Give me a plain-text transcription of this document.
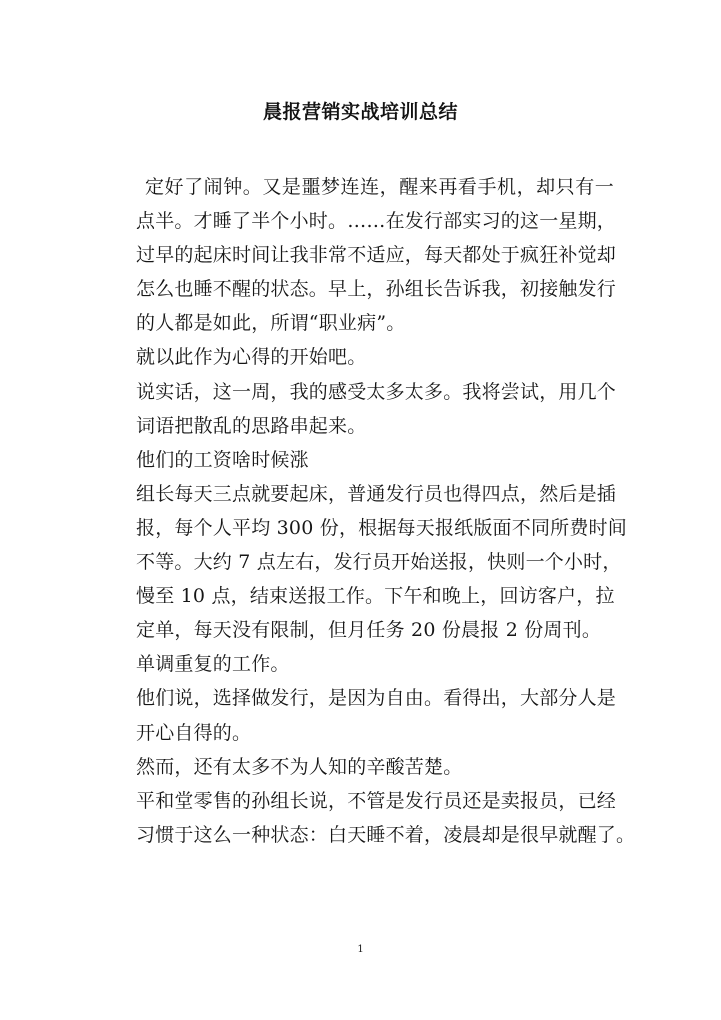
晨报营销实战培训总结
定好了闹钟。又是噩梦连连，醒来再看手机，却只有一
点半。才睡了半个小时。……在发行部实习的这一星期，
过早的起床时间让我非常不适应，每天都处于疯狂补觉却
怎么也睡不醒的状态。早上，孙组长告诉我，初接触发行
的人都是如此，所谓“职业病”。
就以此作为心得的开始吧。
说实话，这一周，我的感受太多太多。我将尝试，用几个
词语把散乱的思路串起来。
他们的工资啥时候涨
组长每天三点就要起床，普通发行员也得四点，然后是插
报，每个人平均 300 份，根据每天报纸版面不同所费时间
不等。大约 7 点左右，发行员开始送报，快则一个小时，
慢至 10 点，结束送报工作。下午和晚上，回访客户，拉
定单，每天没有限制，但月任务 20 份晨报 2 份周刊。
单调重复的工作。
他们说，选择做发行，是因为自由。看得出，大部分人是
开心自得的。
然而，还有太多不为人知的辛酸苦楚。
平和堂零售的孙组长说，不管是发行员还是卖报员，已经
习惯于这么一种状态：白天睡不着，凌晨却是很早就醒了。
1
